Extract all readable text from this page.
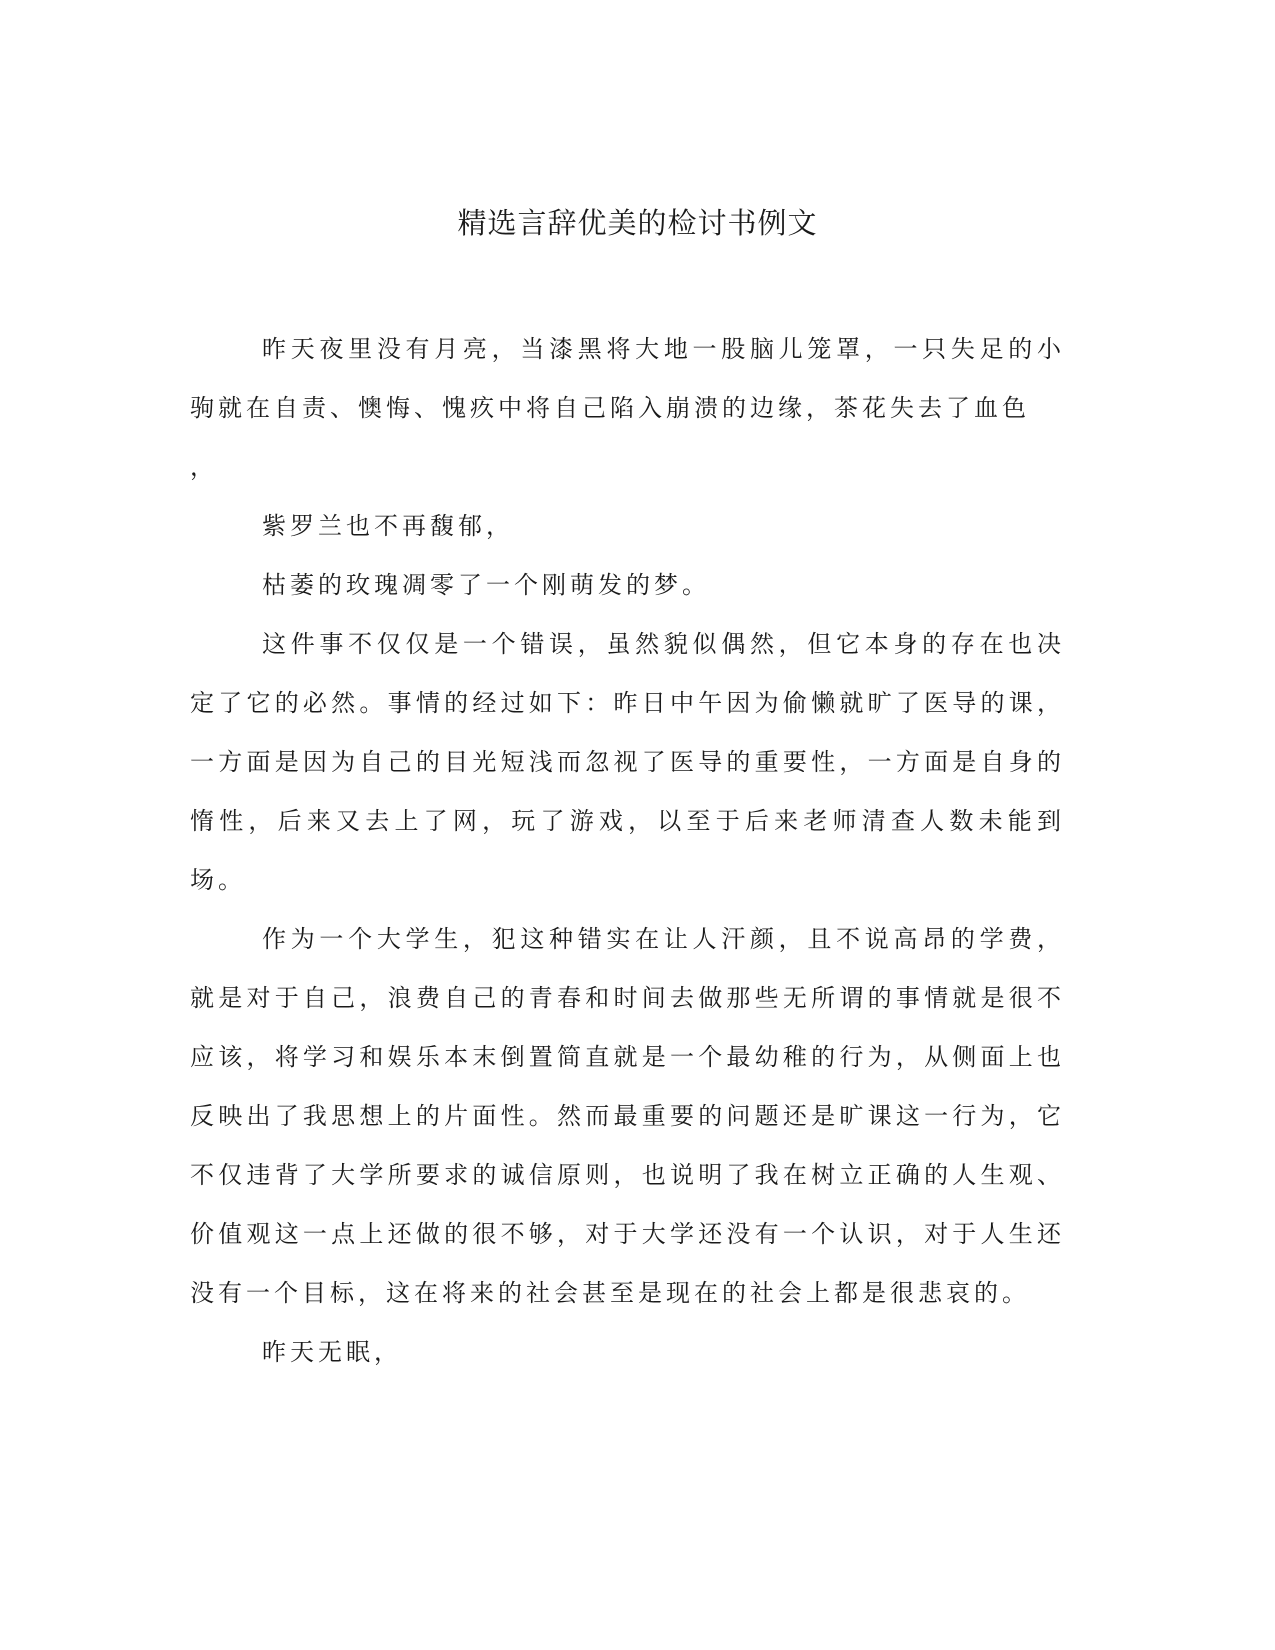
精选言辞优美的检讨书例文

昨天夜里没有月亮，当漆黑将大地一股脑儿笼罩，一只失足的小驹就在自责、懊悔、愧疚中将自己陷入崩溃的边缘，茶花失去了血色

，

紫罗兰也不再馥郁，

枯萎的玫瑰凋零了一个刚萌发的梦。

这件事不仅仅是一个错误，虽然貌似偶然，但它本身的存在也决定了它的必然。事情的经过如下：昨日中午因为偷懒就旷了医导的课，一方面是因为自己的目光短浅而忽视了医导的重要性，一方面是自身的惰性，后来又去上了网，玩了游戏，以至于后来老师清查人数未能到场。

作为一个大学生，犯这种错实在让人汗颜，且不说高昂的学费，就是对于自己，浪费自己的青春和时间去做那些无所谓的事情就是很不应该，将学习和娱乐本末倒置简直就是一个最幼稚的行为，从侧面上也反映出了我思想上的片面性。然而最重要的问题还是旷课这一行为，它不仅违背了大学所要求的诚信原则，也说明了我在树立正确的人生观、价值观这一点上还做的很不够，对于大学还没有一个认识，对于人生还没有一个目标，这在将来的社会甚至是现在的社会上都是很悲哀的。

昨天无眠，
